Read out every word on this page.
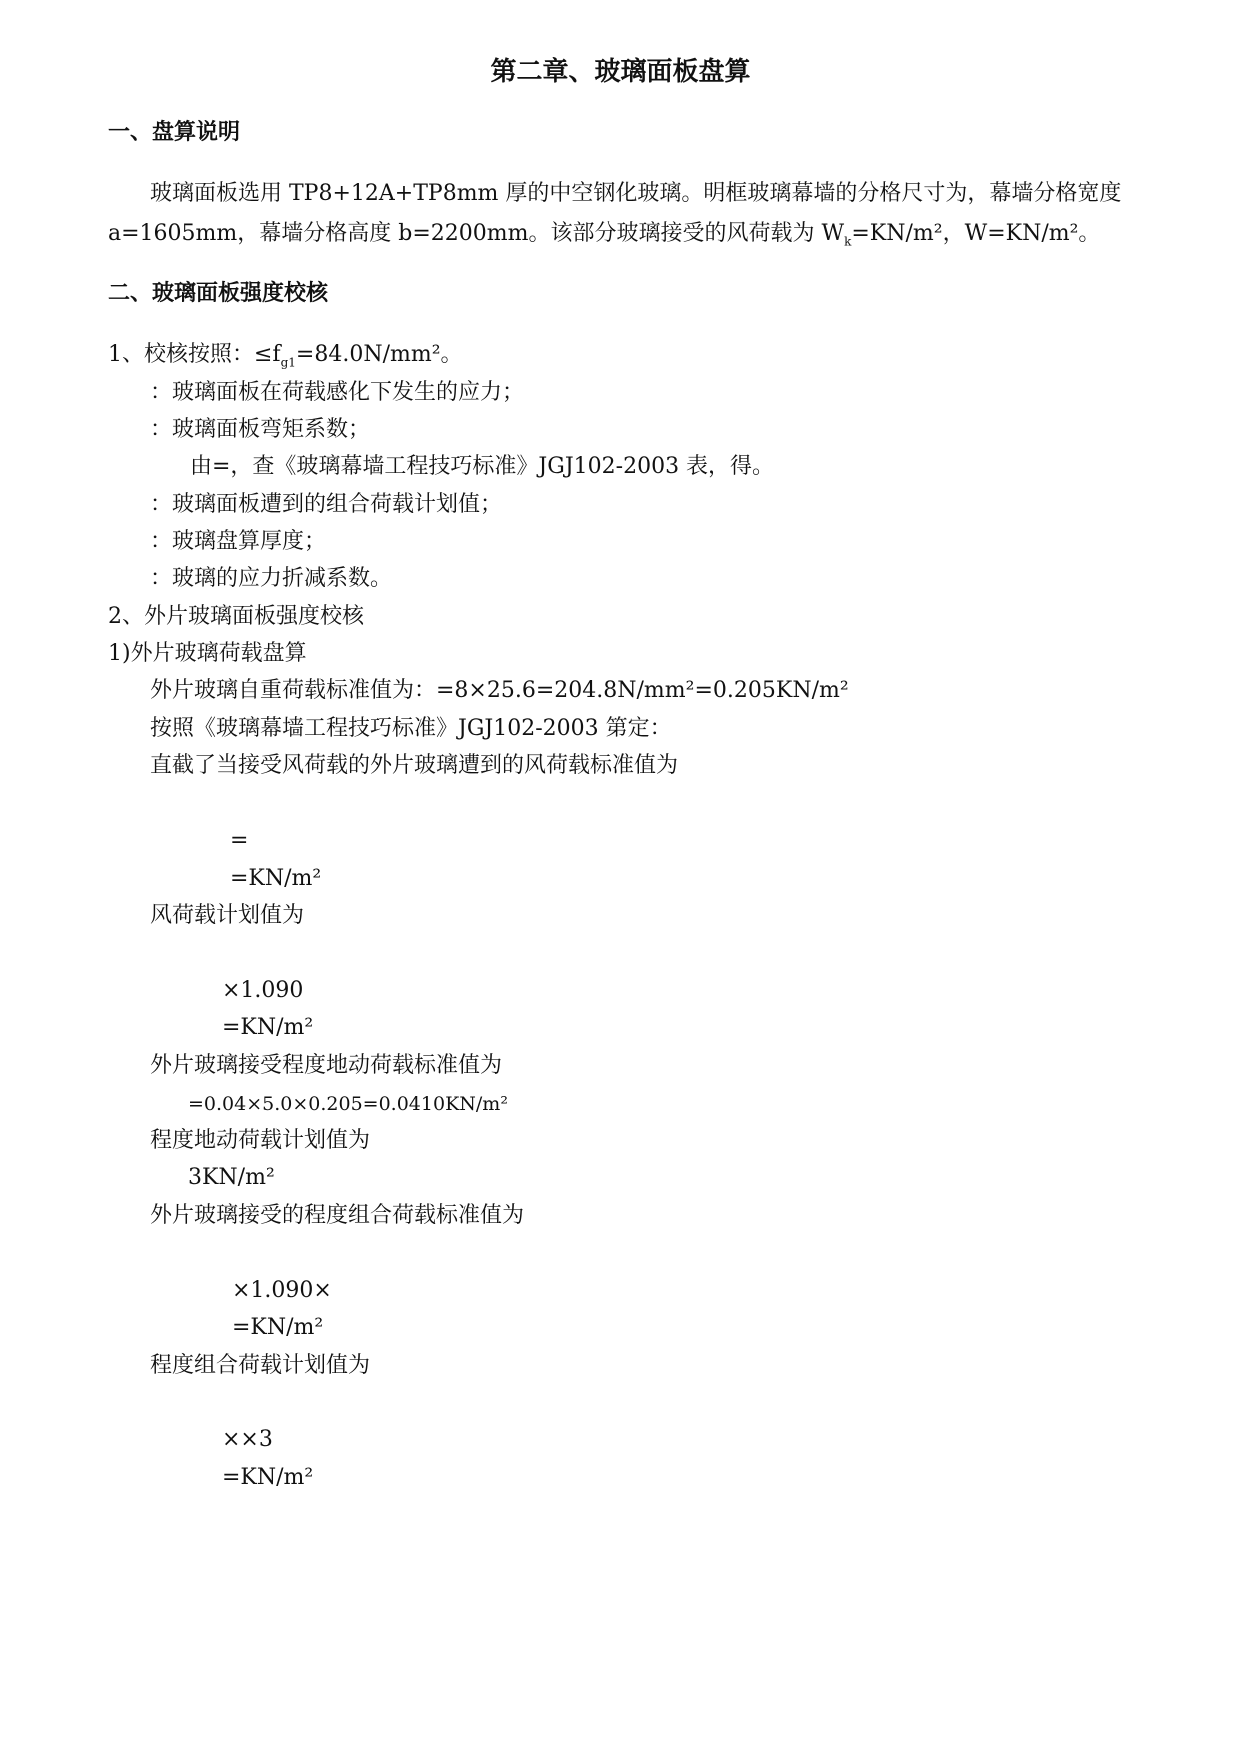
第二章、玻璃面板盘算
一、盘算说明
玻璃面板选用 TP8+12A+TP8mm 厚的中空钢化玻璃。明框玻璃幕墙的分格尺寸为，幕墙分格宽度
a=1605mm，幕墙分格高度 b=2200mm。该部分玻璃接受的风荷载为 $W_k=KN/m^2$，W=KN/m²。
二、玻璃面板强度校核
1、校核按照：$\le f_{g1}=84.0N$/mm²。
：玻璃面板在荷载感化下发生的应力；
：玻璃面板弯矩系数；
由=，查《玻璃幕墙工程技巧标准》JGJ102-2003 表，得。
：玻璃面板遭到的组合荷载计划值；
：玻璃盘算厚度；
：玻璃的应力折减系数。
2、外片玻璃面板强度校核
1)外片玻璃荷载盘算
外片玻璃自重荷载标准值为：=8×25.6=204.8N/mm²=0.205KN/m²
按照《玻璃幕墙工程技巧标准》JGJ102-2003 第定：
直截了当接受风荷载的外片玻璃遭到的风荷载标准值为
=
=KN/m²
风荷载计划值为
×1.090
=KN/m²
外片玻璃接受程度地动荷载标准值为
=0.04×5.0×0.205=0.0410KN/m²
程度地动荷载计划值为
3KN/m²
外片玻璃接受的程度组合荷载标准值为
×1.090×
=KN/m²
程度组合荷载计划值为
××3
=KN/m²
